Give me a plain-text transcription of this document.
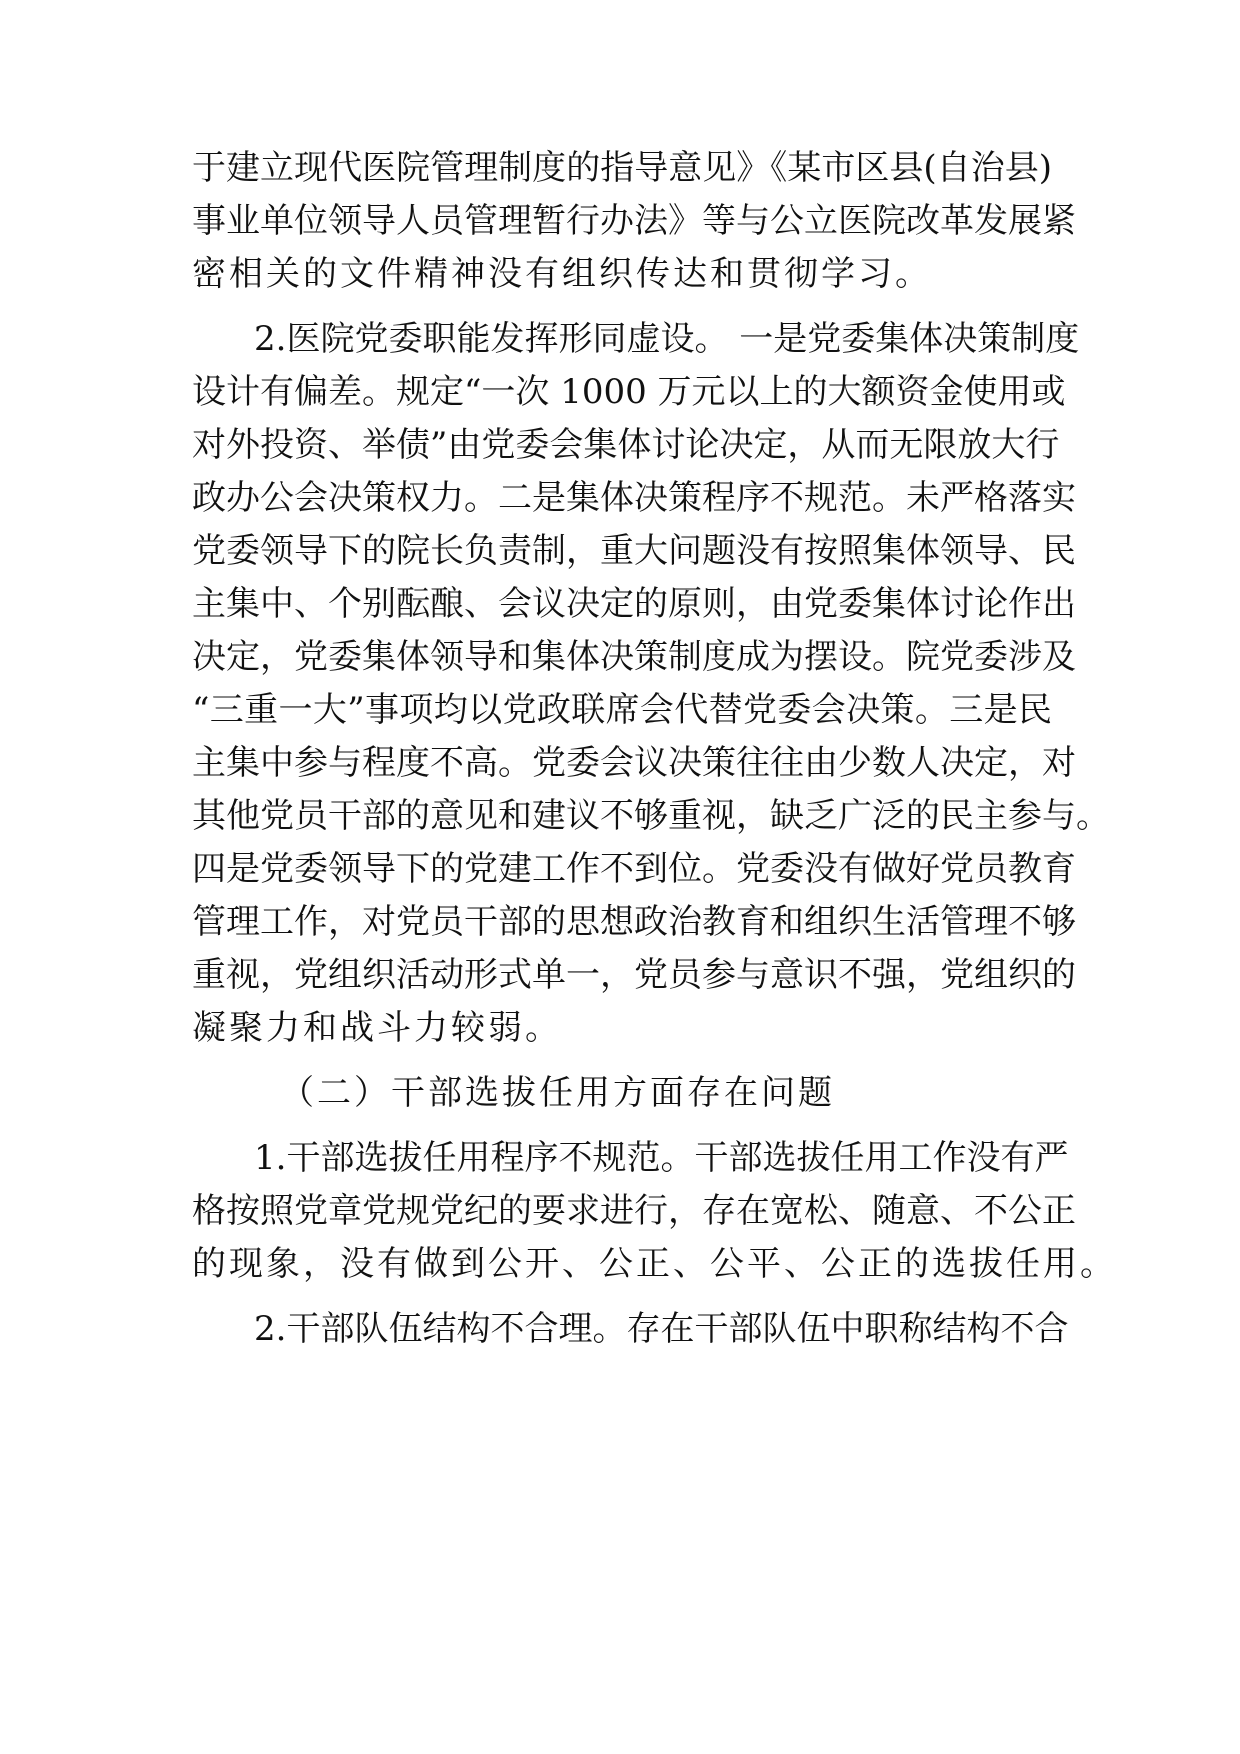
于建立现代医院管理制度的指导意见》《某市区县(自治县)
事业单位领导人员管理暂行办法》等与公立医院改革发展紧
密相关的文件精神没有组织传达和贯彻学习。
2.医院党委职能发挥形同虚设。 一是党委集体决策制度
设计有偏差。规定“一次 1000 万元以上的大额资金使用或
对外投资、举债”由党委会集体讨论决定，从而无限放大行
政办公会决策权力。二是集体决策程序不规范。未严格落实
党委领导下的院长负责制，重大问题没有按照集体领导、民
主集中、个别酝酿、会议决定的原则，由党委集体讨论作出
决定，党委集体领导和集体决策制度成为摆设。院党委涉及
“三重一大”事项均以党政联席会代替党委会决策。三是民
主集中参与程度不高。党委会议决策往往由少数人决定，对
其他党员干部的意见和建议不够重视，缺乏广泛的民主参与。
四是党委领导下的党建工作不到位。党委没有做好党员教育
管理工作，对党员干部的思想政治教育和组织生活管理不够
重视，党组织活动形式单一，党员参与意识不强，党组织的
凝聚力和战斗力较弱。
（二）干部选拔任用方面存在问题
1.干部选拔任用程序不规范。干部选拔任用工作没有严
格按照党章党规党纪的要求进行，存在宽松、随意、不公正
的现象，没有做到公开、公正、公平、公正的选拔任用。
2.干部队伍结构不合理。存在干部队伍中职称结构不合
